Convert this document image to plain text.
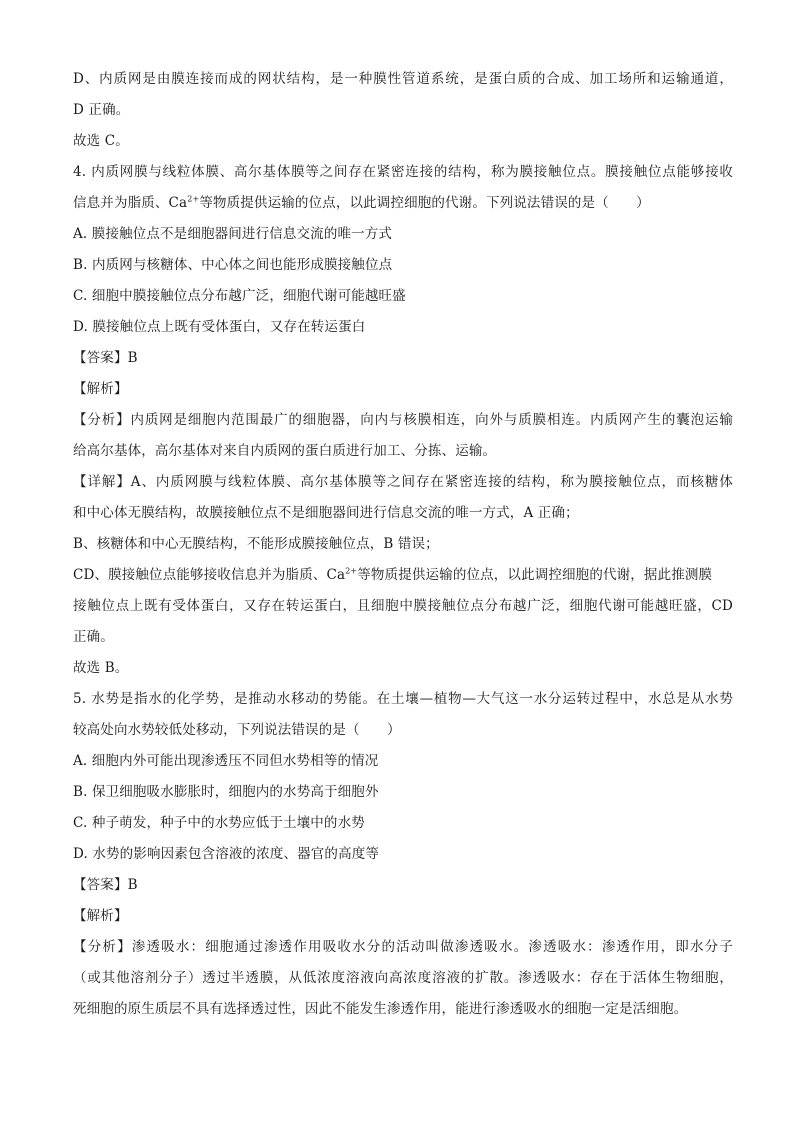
D、内质网是由膜连接而成的网状结构，是一种膜性管道系统，是蛋白质的合成、加工场所和运输通道，
D 正确。
故选 C。
4. 内质网膜与线粒体膜、高尔基体膜等之间存在紧密连接的结构，称为膜接触位点。膜接触位点能够接收
信息并为脂质、$Ca^{2+}$等物质提供运输的位点，以此调控细胞的代谢。下列说法错误的是（　　）
A. 膜接触位点不是细胞器间进行信息交流的唯一方式
B. 内质网与核糖体、中心体之间也能形成膜接触位点
C. 细胞中膜接触位点分布越广泛，细胞代谢可能越旺盛
D. 膜接触位点上既有受体蛋白，又存在转运蛋白
【答案】B
【解析】
【分析】内质网是细胞内范围最广的细胞器，向内与核膜相连，向外与质膜相连。内质网产生的囊泡运输
给高尔基体，高尔基体对来自内质网的蛋白质进行加工、分拣、运输。
【详解】A、内质网膜与线粒体膜、高尔基体膜等之间存在紧密连接的结构，称为膜接触位点，而核糖体
和中心体无膜结构，故膜接触位点不是细胞器间进行信息交流的唯一方式，A 正确；
B、核糖体和中心无膜结构，不能形成膜接触位点，B 错误；
CD、膜接触位点能够接收信息并为脂质、$Ca^{2+}$等物质提供运输的位点，以此调控细胞的代谢，据此推测膜
接触位点上既有受体蛋白，又存在转运蛋白，且细胞中膜接触位点分布越广泛，细胞代谢可能越旺盛，CD
正确。
故选 B。
5. 水势是指水的化学势，是推动水移动的势能。在土壤—植物—大气这一水分运转过程中，水总是从水势
较高处向水势较低处移动，下列说法错误的是（　　）
A. 细胞内外可能出现渗透压不同但水势相等的情况
B. 保卫细胞吸水膨胀时，细胞内的水势高于细胞外
C. 种子萌发，种子中的水势应低于土壤中的水势
D. 水势的影响因素包含溶液的浓度、器官的高度等
【答案】B
【解析】
【分析】渗透吸水：细胞通过渗透作用吸收水分的活动叫做渗透吸水。渗透吸水：渗透作用，即水分子
（或其他溶剂分子）透过半透膜，从低浓度溶液向高浓度溶液的扩散。渗透吸水：存在于活体生物细胞，
死细胞的原生质层不具有选择透过性，因此不能发生渗透作用，能进行渗透吸水的细胞一定是活细胞。
